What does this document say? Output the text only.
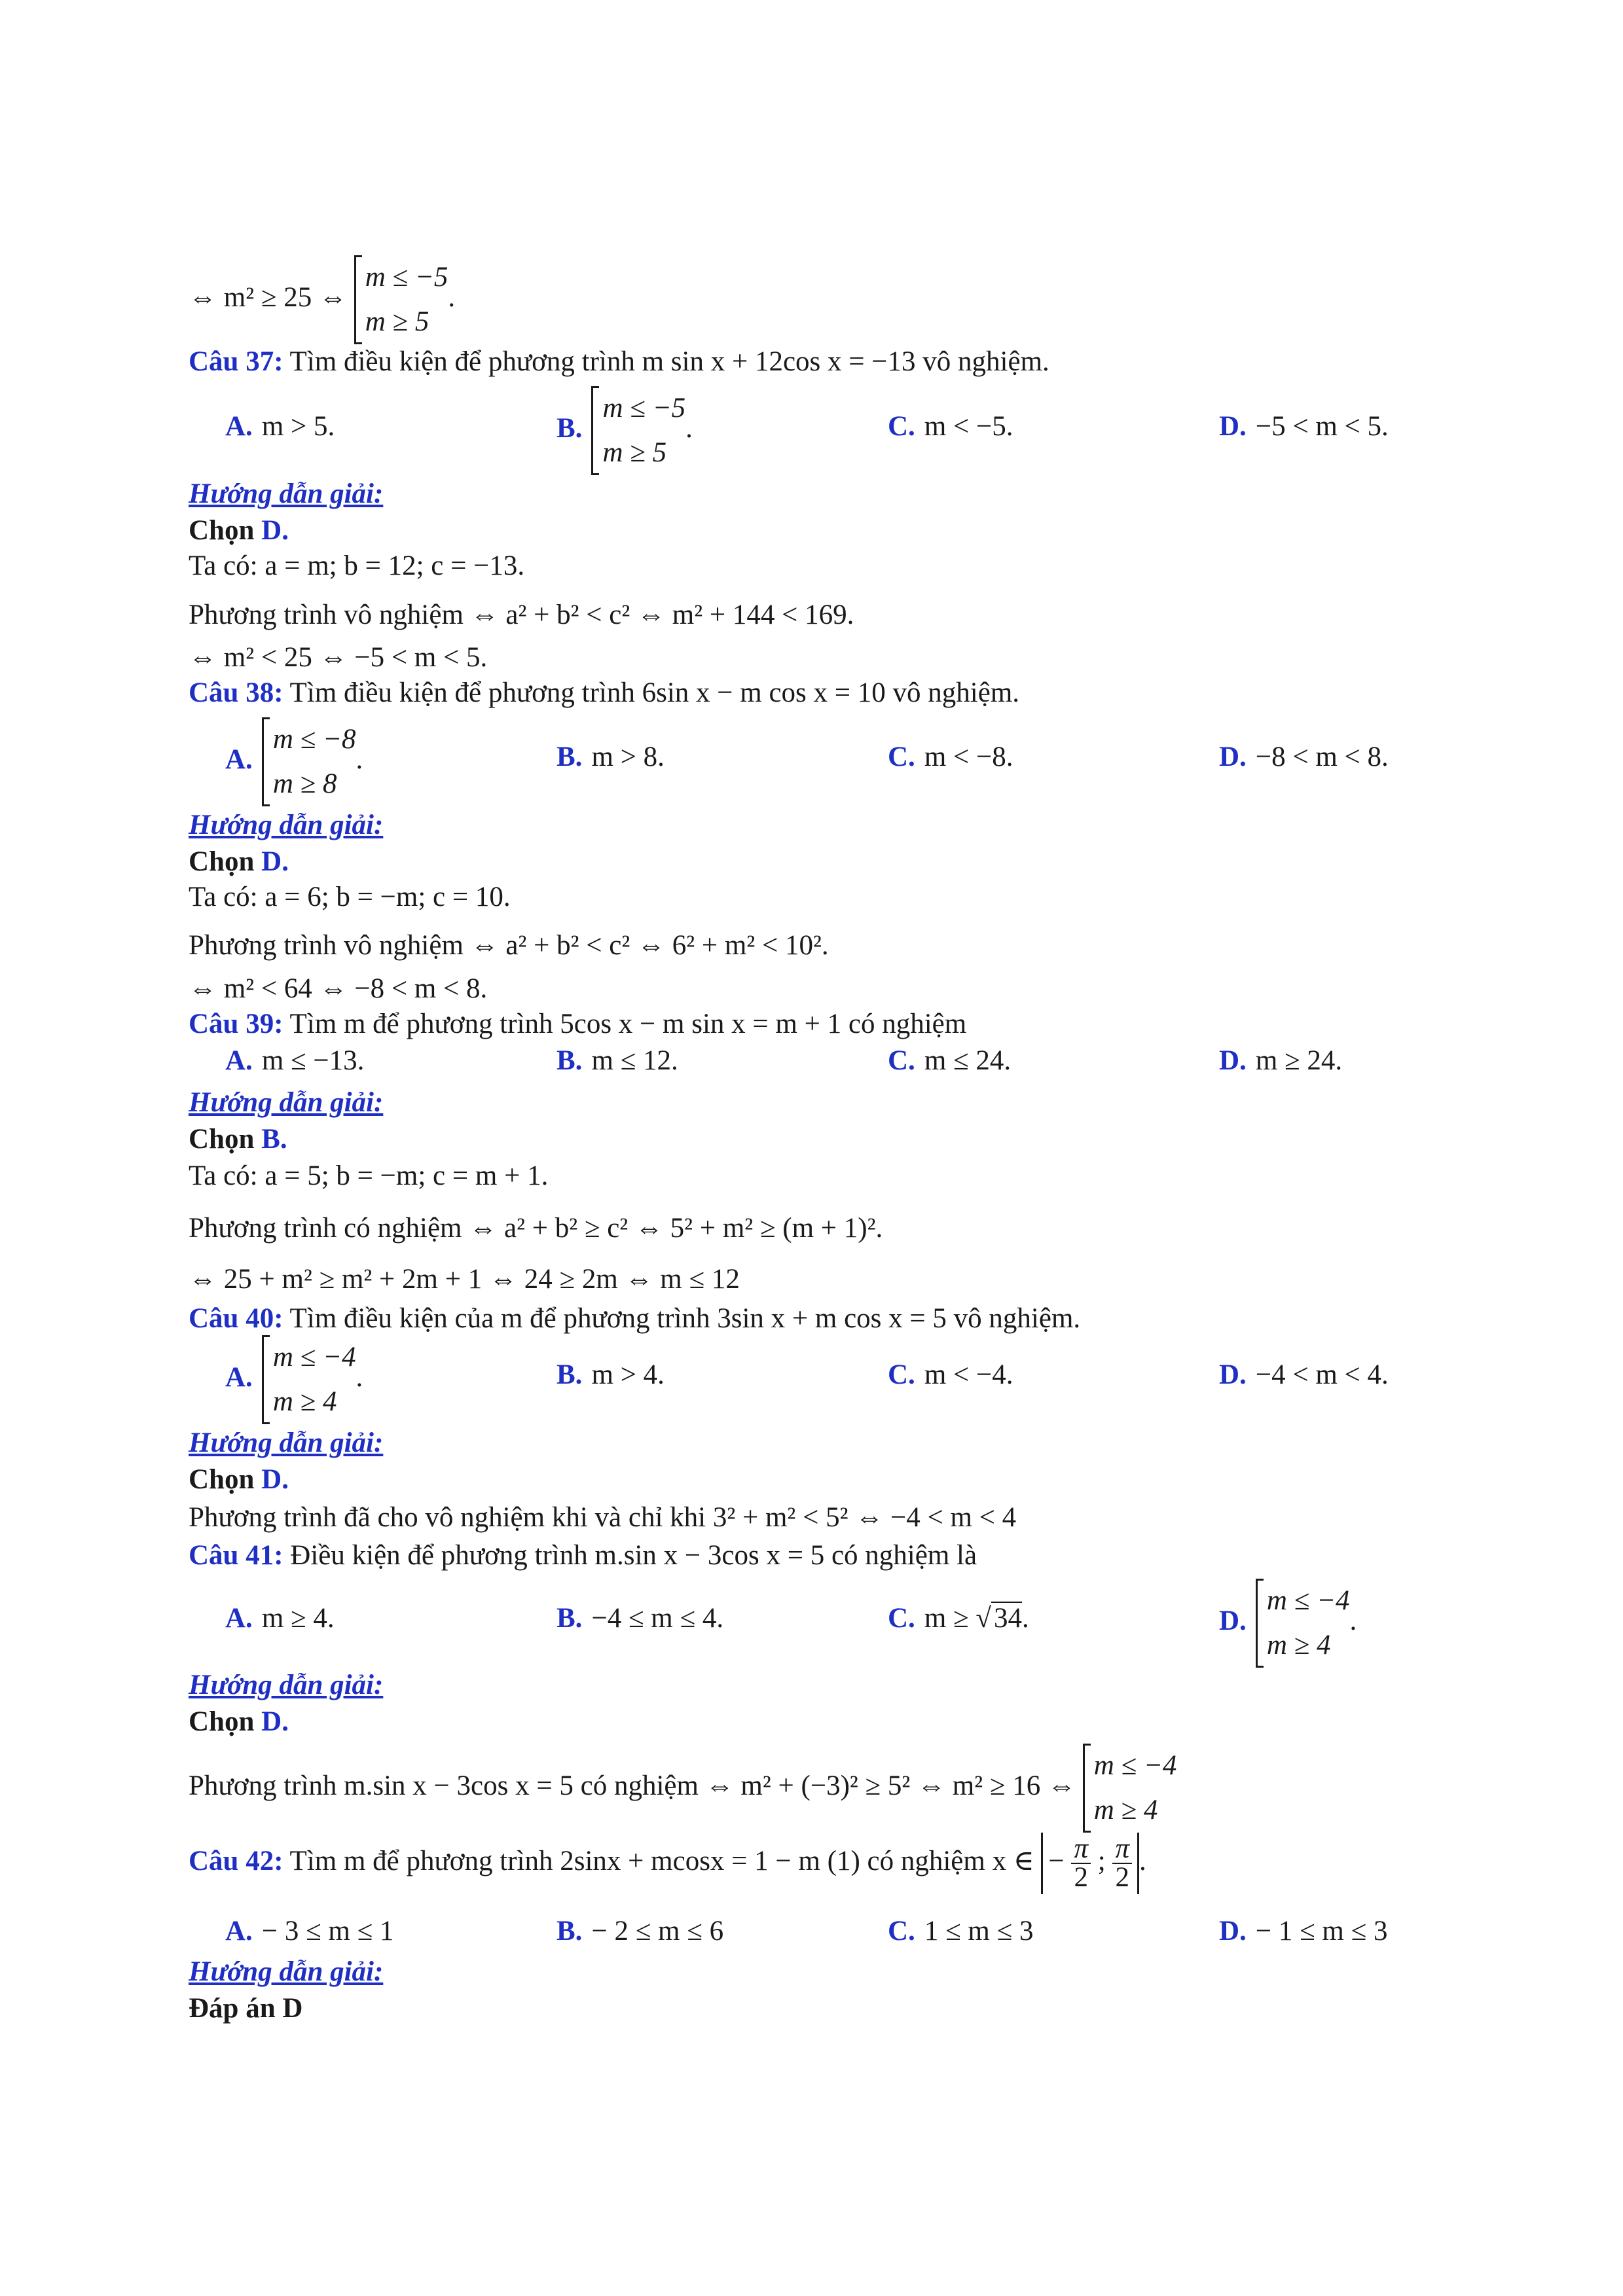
⇔ m² ≥ 25 ⇔
m ≤ −5
m ≥ 5
.
Câu 37: Tìm điều kiện để phương trình m sin x + 12cos x = −13 vô nghiệm.
A. m > 5.	B.
m ≤ −5
m ≥ 5
.	C. m < −5.	D. −5 < m < 5.
Hướng dẫn giải:
Chọn D.
Ta có: a = m; b = 12; c = −13.
Phương trình vô nghiệm ⇔ a² + b² < c² ⇔ m² + 144 < 169.
⇔ m² < 25 ⇔ −5 < m < 5.
Câu 38: Tìm điều kiện để phương trình 6sin x − m cos x = 10 vô nghiệm.
A.
m ≤ −8
m ≥ 8
.	B. m > 8.	C. m < −8.	D. −8 < m < 8.
Hướng dẫn giải:
Chọn D.
Ta có: a = 6; b = −m; c = 10.
Phương trình vô nghiệm ⇔ a² + b² < c² ⇔ 6² + m² < 10².
⇔ m² < 64 ⇔ −8 < m < 8.
Câu 39: Tìm m để phương trình 5cos x − m sin x = m + 1 có nghiệm
A. m ≤ −13.	B. m ≤ 12.	C. m ≤ 24.	D. m ≥ 24.
Hướng dẫn giải:
Chọn B.
Ta có: a = 5; b = −m; c = m + 1.
Phương trình có nghiệm ⇔ a² + b² ≥ c² ⇔ 5² + m² ≥ (m + 1)².
⇔ 25 + m² ≥ m² + 2m + 1 ⇔ 24 ≥ 2m ⇔ m ≤ 12
Câu 40: Tìm điều kiện của m để phương trình 3sin x + m cos x = 5 vô nghiệm.
A.
m ≤ −4
m ≥ 4
.	B. m > 4.	C. m < −4.	D. −4 < m < 4.
Hướng dẫn giải:
Chọn D.
Phương trình đã cho vô nghiệm khi và chỉ khi 3² + m² < 5² ⇔ −4 < m < 4
Câu 41: Điều kiện để phương trình m.sin x − 3cos x = 5 có nghiệm là
A. m ≥ 4.	B. −4 ≤ m ≤ 4.	C. m ≥ √34.	D.
m ≤ −4
m ≥ 4
.
Hướng dẫn giải:
Chọn D.
Phương trình m.sin x − 3cos x = 5 có nghiệm ⇔ m² + (−3)² ≥ 5² ⇔ m² ≥ 16 ⇔
m ≤ −4
m ≥ 4
Câu 42: Tìm m để phương trình 2sinx + mcosx = 1 − m (1) có nghiệm x ∈ − $\frac{\pi}{2}$ ; $\frac{\pi}{2}$ .
A. − 3 ≤ m ≤ 1	B. − 2 ≤ m ≤ 6	C. 1 ≤ m ≤ 3	D. − 1 ≤ m ≤ 3
Hướng dẫn giải:
Đáp án D
